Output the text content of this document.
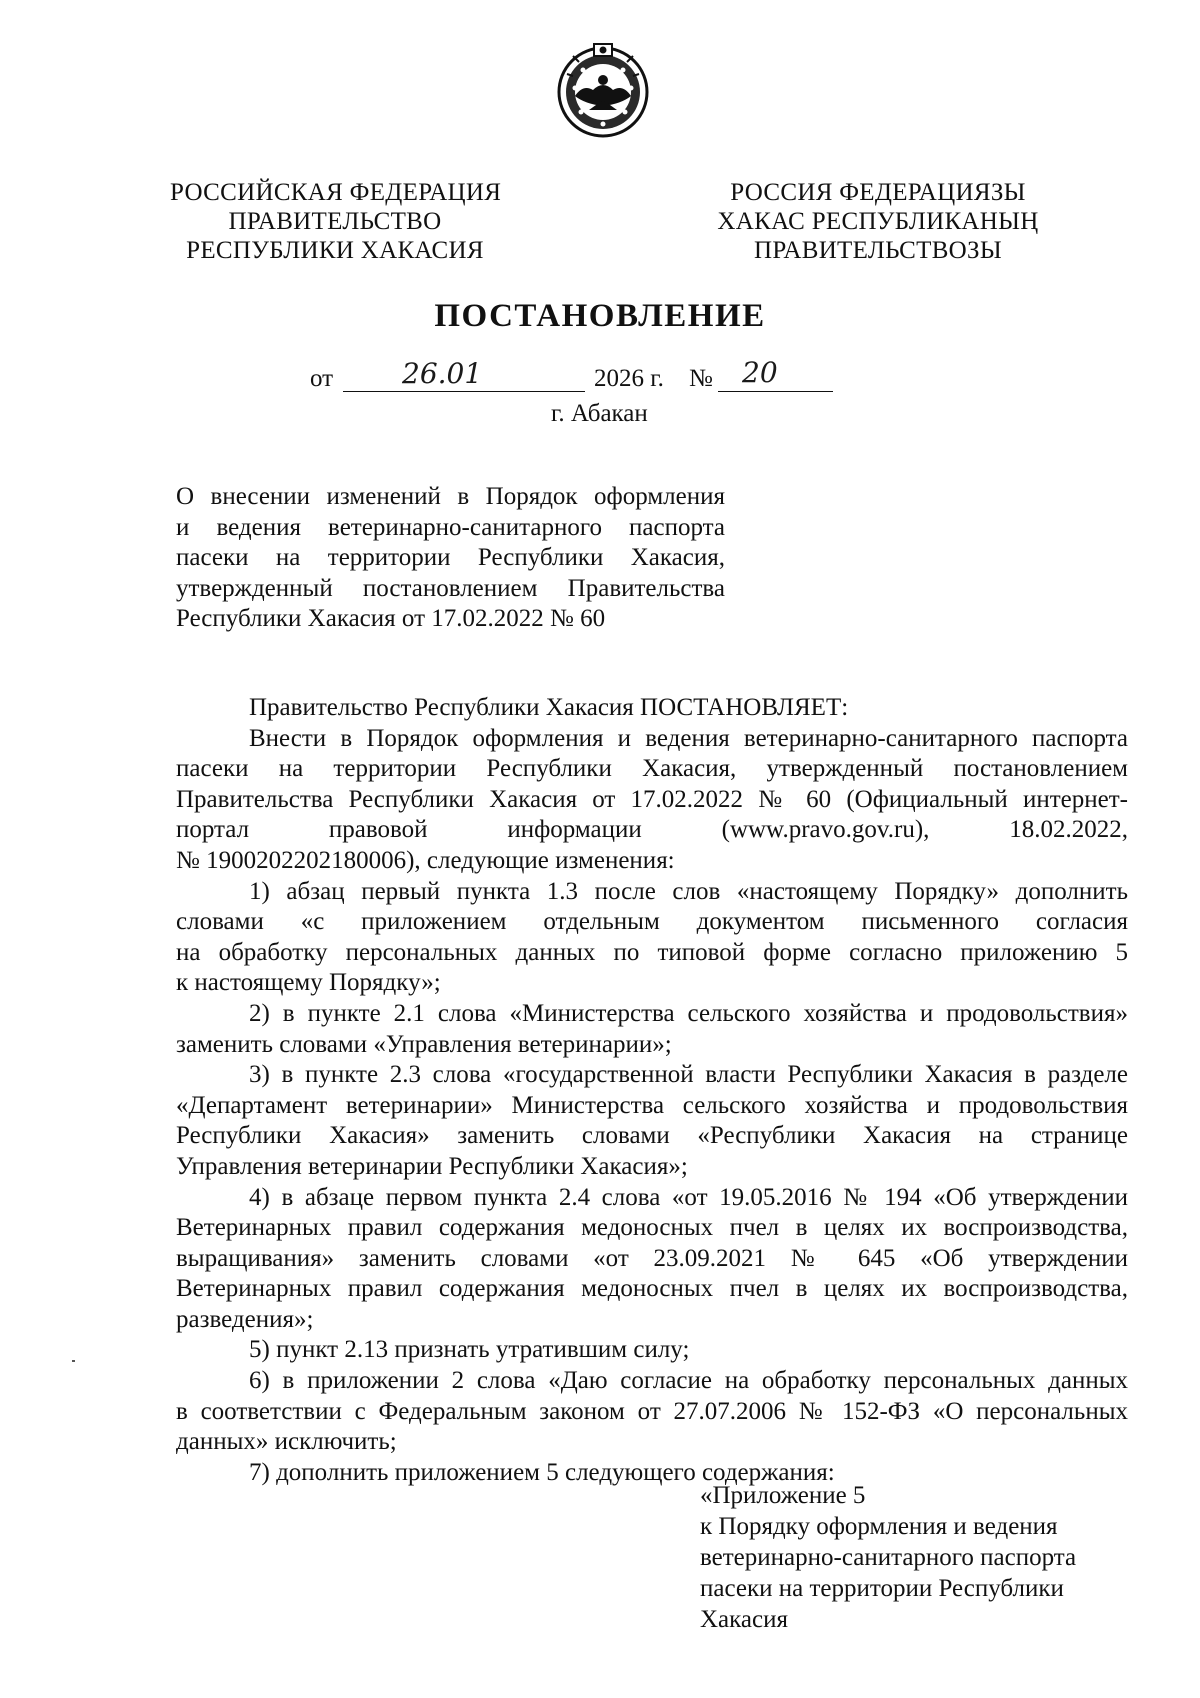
РОССИЙСКАЯ ФЕДЕРАЦИЯ
ПРАВИТЕЛЬСТВО
РЕСПУБЛИКИ ХАКАСИЯ
РОССИЯ ФЕДЕРАЦИЯЗЫ
ХАКАС РЕСПУБЛИКАНЫҢ
ПРАВИТЕЛЬСТВОЗЫ
ПОСТАНОВЛЕНИЕ
от 26.01	2026 г. № 20
г. Абакан
О внесении изменений в Порядок оформления
и ведения ветеринарно-санитарного паспорта
пасеки на территории Республики Хакасия,
утвержденный постановлением Правительства
Республики Хакасия от 17.02.2022 № 60
Правительство Республики Хакасия ПОСТАНОВЛЯЕТ:
Внести в Порядок оформления и ведения ветеринарно-санитарного паспорта
пасеки на территории Республики Хакасия, утвержденный постановлением
Правительства Республики Хакасия от 17.02.2022 № 60 (Официальный интернет-
портал правовой информации (www.pravo.gov.ru), 18.02.2022,
№ 1900202202180006), следующие изменения:
1) абзац первый пункта 1.3 после слов «настоящему Порядку» дополнить
словами «с приложением отдельным документом письменного согласия
на обработку персональных данных по типовой форме согласно приложению 5
к настоящему Порядку»;
2) в пункте 2.1 слова «Министерства сельского хозяйства и продовольствия»
заменить словами «Управления ветеринарии»;
3) в пункте 2.3 слова «государственной власти Республики Хакасия в разделе
«Департамент ветеринарии» Министерства сельского хозяйства и продовольствия
Республики Хакасия» заменить словами «Республики Хакасия на странице
Управления ветеринарии Республики Хакасия»;
4) в абзаце первом пункта 2.4 слова «от 19.05.2016 № 194 «Об утверждении
Ветеринарных правил содержания медоносных пчел в целях их воспроизводства,
выращивания» заменить словами «от 23.09.2021 № 645 «Об утверждении
Ветеринарных правил содержания медоносных пчел в целях их воспроизводства,
разведения»;
5) пункт 2.13 признать утратившим силу;
6) в приложении 2 слова «Даю согласие на обработку персональных данных
в соответствии с Федеральным законом от 27.07.2006 № 152-ФЗ «О персональных
данных» исключить;
7) дополнить приложением 5 следующего содержания:
«Приложение 5
к Порядку оформления и ведения
ветеринарно-санитарного паспорта
пасеки на территории Республики
Хакасия
